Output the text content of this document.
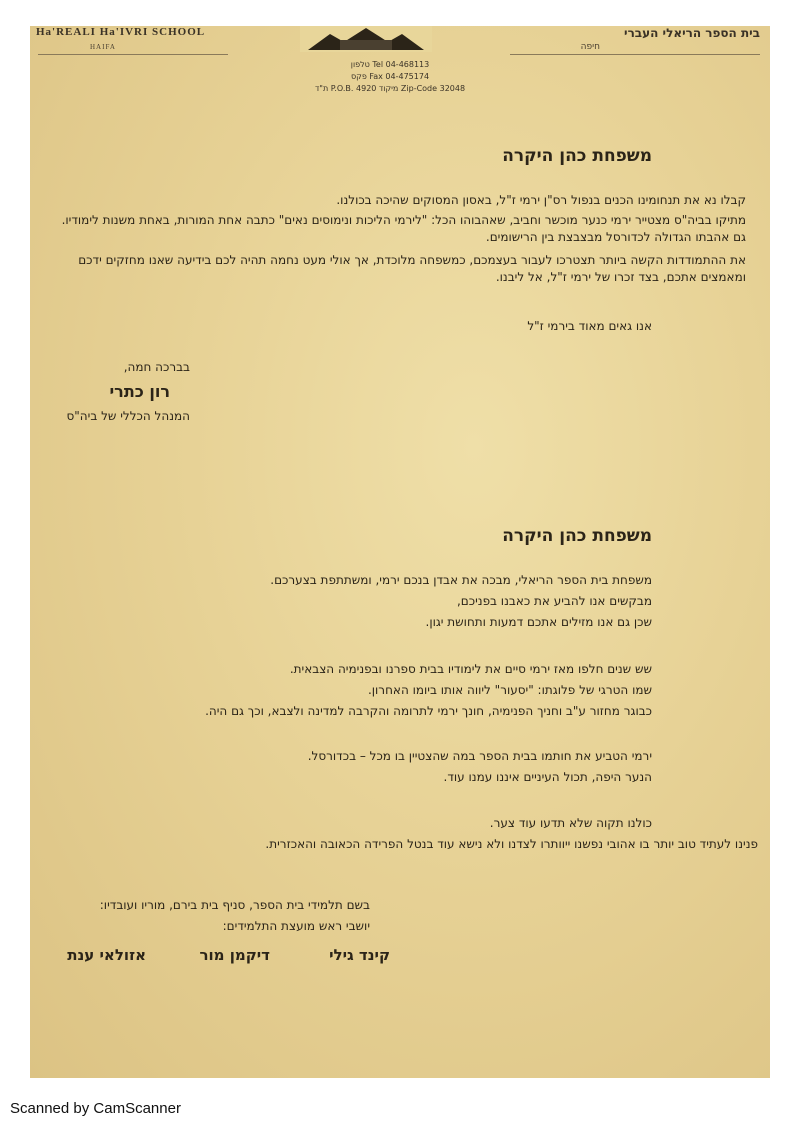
Ha'REALI Ha'IVRI SCHOOL
HAIFA
בית הספר הריאלי העברי
חיפה
Tel 04-468113 טלפון
Fax 04-475174 פקס
Zip-Code 32048 מיקוד P.O.B. 4920 ת"ד
משפחת כהן היקרה
קבלו נא את תנחומינו הכנים בנפול רס"ן ירמי ז"ל, באסון המסוקים שהיכה בכולנו.
מתיקו בביה"ס מצטייר ירמי כנער מוכשר וחביב, שאהבוהו הכל: "לירמי הליכות ונימוסים נאים" כתבה אחת המורות, באחת משנות לימודיו. גם אהבתו הגדולה לכדורסל מבצבצת בין הרישומים.
את ההתמודדות הקשה ביותר תצטרכו לעבור בעצמכם, כמשפחה מלוכדת, אך אולי מעט נחמה תהיה לכם בידיעה שאנו מחזקים ידכם ומאמצים אתכם, בצד זכרו של ירמי ז"ל, אל ליבנו.
אנו גאים מאוד בירמי ז"ל
בברכה חמה,
רון כתרי
המנהל הכללי של ביה"ס
משפחת כהן היקרה
משפחת בית הספר הריאלי, מבכה את אבדן בנכם ירמי, ומשתתפת בצערכם.
מבקשים אנו להביע את כאבנו בפניכם,
שכן גם אנו מזילים אתכם דמעות ותחושת יגון.
שש שנים חלפו מאז ירמי סיים את לימודיו בבית ספרנו ובפנימיה הצבאית.
שמו הטרגי של פלוגתו: "יסעור" ליווה אותו ביומו האחרון.
כבוגר מחזור ע"ב וחניך הפנימיה, חונך ירמי לתרומה והקרבה למדינה ולצבא, וכך גם היה.
ירמי הטביע את חותמו בבית הספר במה שהצטיין בו מכל – בכדורסל.
הנער היפה, תכול העיניים איננו עמנו עוד.
כולנו תקוה שלא תדעו עוד צער.
פנינו לעתיד טוב יותר בו אהובי נפשנו ייוותרו לצדנו ולא נישא עוד בנטל הפרידה הכאובה והאכזרית.
בשם תלמידי בית הספר, סניף בית בירם, מוריו ועובדיו:
יושבי ראש מועצת התלמידים:
קינד גילי
דיקמן מור
אזולאי ענת
Scanned by CamScanner
